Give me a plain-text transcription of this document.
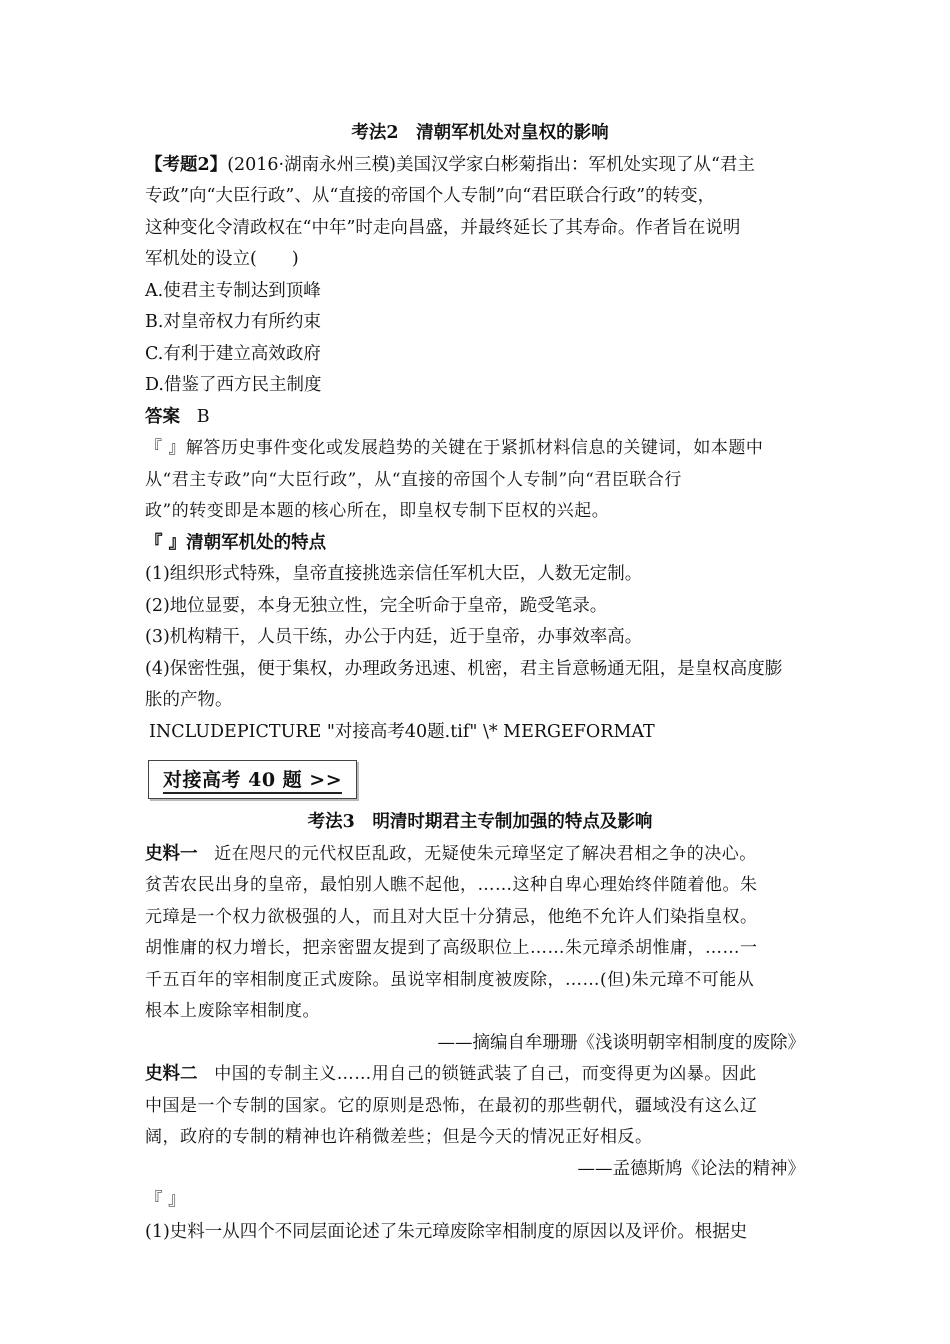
考法2　清朝军机处对皇权的影响

【考题2】(2016·湖南永州三模)美国汉学家白彬菊指出：军机处实现了从“君主

专政”向“大臣行政”、从“直接的帝国个人专制”向“君臣联合行政”的转变，

这种变化令清政权在“中年”时走向昌盛，并最终延长了其寿命。作者旨在说明

军机处的设立(　　)

A.使君主专制达到顶峰

B.对皇帝权力有所约束

C.有利于建立高效政府

D.借鉴了西方民主制度

答案 B

『 』解答历史事件变化或发展趋势的关键在于紧抓材料信息的关键词，如本题中

从“君主专政”向“大臣行政”，从“直接的帝国个人专制”向“君臣联合行

政”的转变即是本题的核心所在，即皇权专制下臣权的兴起。

『 』清朝军机处的特点

(1)组织形式特殊，皇帝直接挑选亲信任军机大臣，人数无定制。

(2)地位显要，本身无独立性，完全听命于皇帝，跪受笔录。

(3)机构精干，人员干练，办公于内廷，近于皇帝，办事效率高。

(4)保密性强，便于集权，办理政务迅速、机密，君主旨意畅通无阻，是皇权高度膨

胀的产物。

INCLUDEPICTURE "对接高考40题.tif" \* MERGEFORMAT

对接高考 40 题 >>

考法3　明清时期君主专制加强的特点及影响

史料一 近在咫尺的元代权臣乱政，无疑使朱元璋坚定了解决君相之争的决心。

贫苦农民出身的皇帝，最怕别人瞧不起他，……这种自卑心理始终伴随着他。朱

元璋是一个权力欲极强的人，而且对大臣十分猜忌，他绝不允许人们染指皇权。

胡惟庸的权力增长，把亲密盟友提到了高级职位上……朱元璋杀胡惟庸，……一

千五百年的宰相制度正式废除。虽说宰相制度被废除，……(但)朱元璋不可能从

根本上废除宰相制度。

——摘编自牟珊珊《浅谈明朝宰相制度的废除》

史料二 中国的专制主义……用自己的锁链武装了自己，而变得更为凶暴。因此

中国是一个专制的国家。它的原则是恐怖，在最初的那些朝代，疆域没有这么辽

阔，政府的专制的精神也许稍微差些；但是今天的情况正好相反。

——孟德斯鸠《论法的精神》

『 』

(1)史料一从四个不同层面论述了朱元璋废除宰相制度的原因以及评价。根据史
